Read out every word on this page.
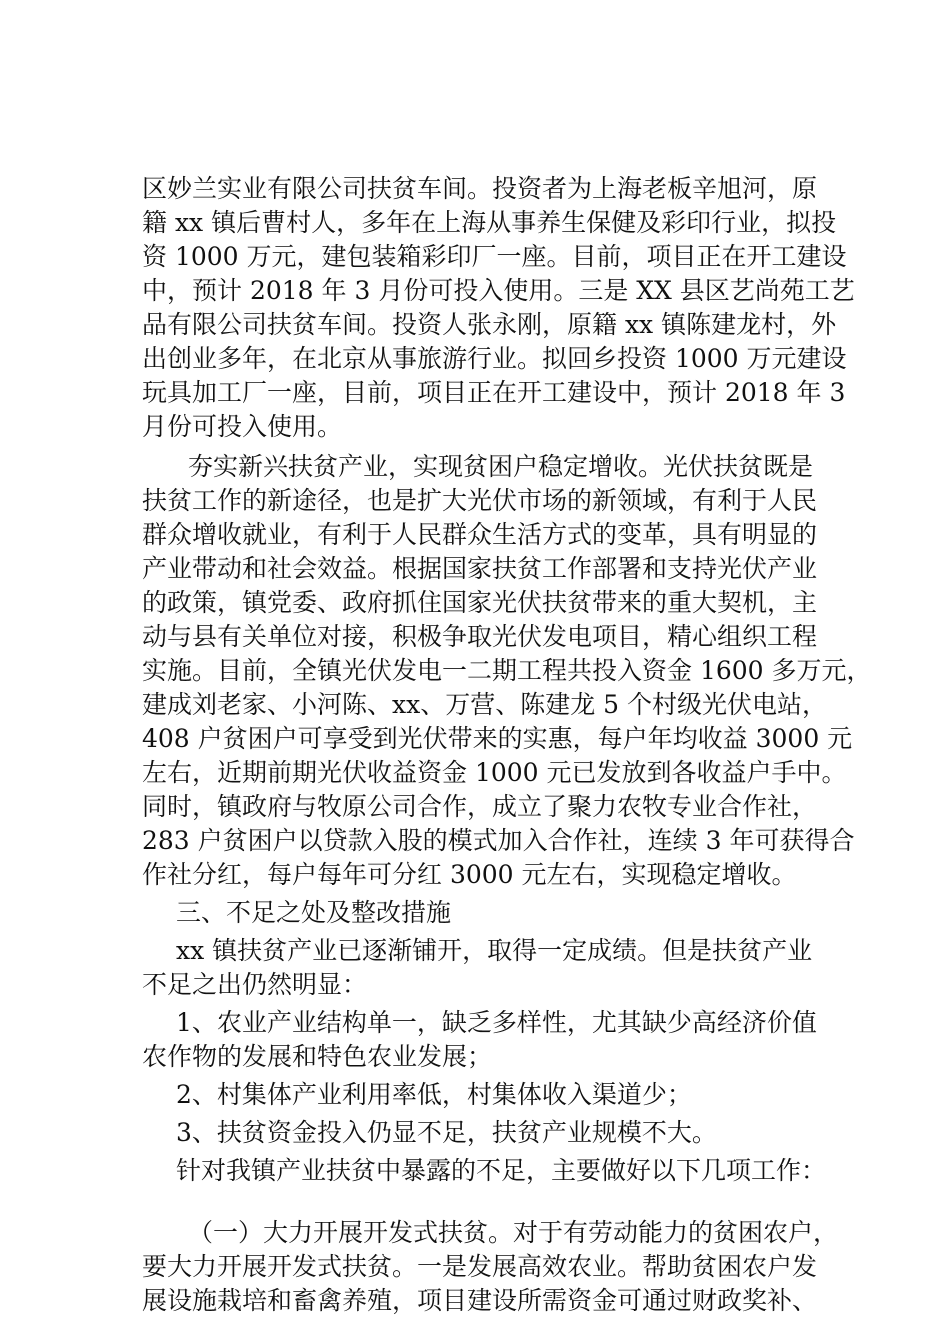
区妙兰实业有限公司扶贫车间。投资者为上海老板辛旭河，原
籍 xx 镇后曹村人，多年在上海从事养生保健及彩印行业，拟投
资 1000 万元，建包装箱彩印厂一座。目前，项目正在开工建设
中，预计 2018 年 3 月份可投入使用。三是 XX 县区艺尚苑工艺
品有限公司扶贫车间。投资人张永刚，原籍 xx 镇陈建龙村，外
出创业多年，在北京从事旅游行业。拟回乡投资 1000 万元建设
玩具加工厂一座，目前，项目正在开工建设中，预计 2018 年 3
月份可投入使用。
夯实新兴扶贫产业，实现贫困户稳定增收。光伏扶贫既是
扶贫工作的新途径，也是扩大光伏市场的新领域，有利于人民
群众增收就业，有利于人民群众生活方式的变革，具有明显的
产业带动和社会效益。根据国家扶贫工作部署和支持光伏产业
的政策，镇党委、政府抓住国家光伏扶贫带来的重大契机，主
动与县有关单位对接，积极争取光伏发电项目，精心组织工程
实施。目前，全镇光伏发电一二期工程共投入资金 1600 多万元，
建成刘老家、小河陈、xx、万营、陈建龙 5 个村级光伏电站，
408 户贫困户可享受到光伏带来的实惠，每户年均收益 3000 元
左右，近期前期光伏收益资金 1000 元已发放到各收益户手中。
同时，镇政府与牧原公司合作，成立了聚力农牧专业合作社，
283 户贫困户以贷款入股的模式加入合作社，连续 3 年可获得合
作社分红，每户每年可分红 3000 元左右，实现稳定增收。
三、不足之处及整改措施
xx 镇扶贫产业已逐渐铺开，取得一定成绩。但是扶贫产业
不足之出仍然明显：
1、农业产业结构单一，缺乏多样性，尤其缺少高经济价值
农作物的发展和特色农业发展；
2、村集体产业利用率低，村集体收入渠道少；
3、扶贫资金投入仍显不足，扶贫产业规模不大。
针对我镇产业扶贫中暴露的不足，主要做好以下几项工作：
（一）大力开展开发式扶贫。对于有劳动能力的贫困农户，
要大力开展开发式扶贫。一是发展高效农业。帮助贫困农户发
展设施栽培和畜禽养殖，项目建设所需资金可通过财政奖补、
